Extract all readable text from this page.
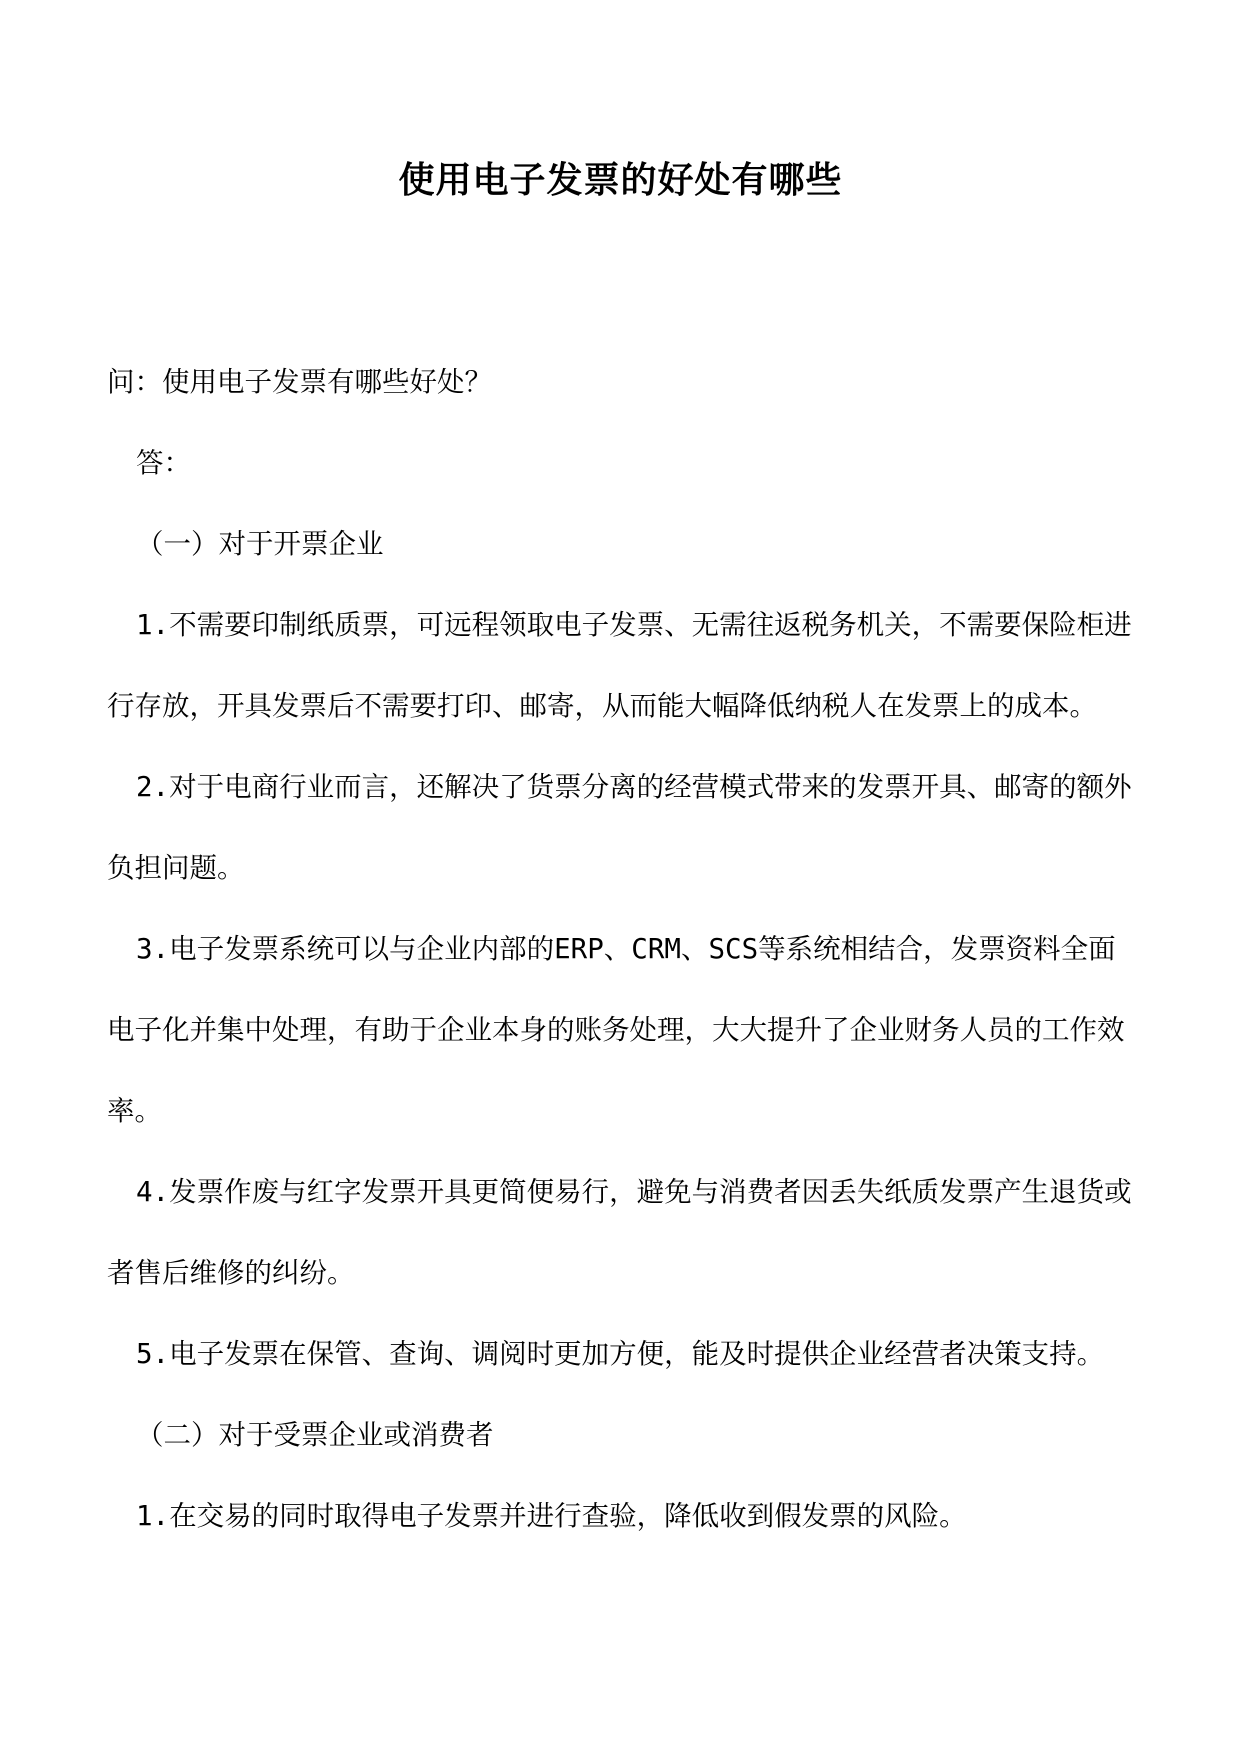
使用电子发票的好处有哪些

问：使用电子发票有哪些好处？

答：

（一）对于开票企业

1.不需要印制纸质票，可远程领取电子发票、无需往返税务机关，不需要保险柜进行存放，开具发票后不需要打印、邮寄，从而能大幅降低纳税人在发票上的成本。

2.对于电商行业而言，还解决了货票分离的经营模式带来的发票开具、邮寄的额外负担问题。

3.电子发票系统可以与企业内部的ERP、CRM、SCS等系统相结合，发票资料全面电子化并集中处理，有助于企业本身的账务处理，大大提升了企业财务人员的工作效率。

4.发票作废与红字发票开具更简便易行，避免与消费者因丢失纸质发票产生退货或者售后维修的纠纷。

5.电子发票在保管、查询、调阅时更加方便，能及时提供企业经营者决策支持。

（二）对于受票企业或消费者

1.在交易的同时取得电子发票并进行查验，降低收到假发票的风险。
